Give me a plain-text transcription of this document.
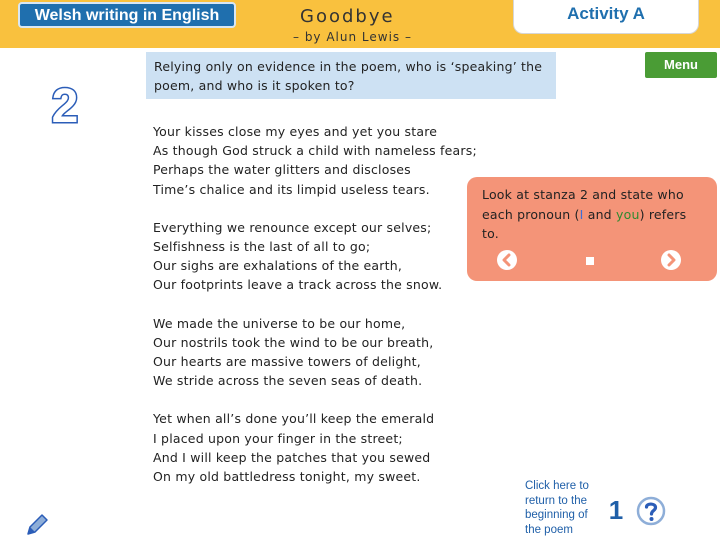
Welsh writing in English	Goodbye
– by Alun Lewis –
Activity A
2
Relying only on evidence in the poem, who is ‘speaking’ the poem, and who is it spoken to?
Menu
Your kisses close my eyes and yet you stare
As though God struck a child with nameless fears;
Perhaps the water glitters and discloses
Time’s chalice and its limpid useless tears.
Everything we renounce except our selves;
Selfishness is the last of all to go;
Our sighs are exhalations of the earth,
Our footprints leave a track across the snow.
We made the universe to be our home,
Our nostrils took the wind to be our breath,
Our hearts are massive towers of delight,
We stride across the seven seas of death.
Yet when all’s done you’ll keep the emerald
I placed upon your finger in the street;
And I will keep the patches that you sewed
On my old battledress tonight, my sweet.
Look at stanza 2 and state who each pronoun (I and you) refers to.
Click here to return to the beginning of the poem
1
